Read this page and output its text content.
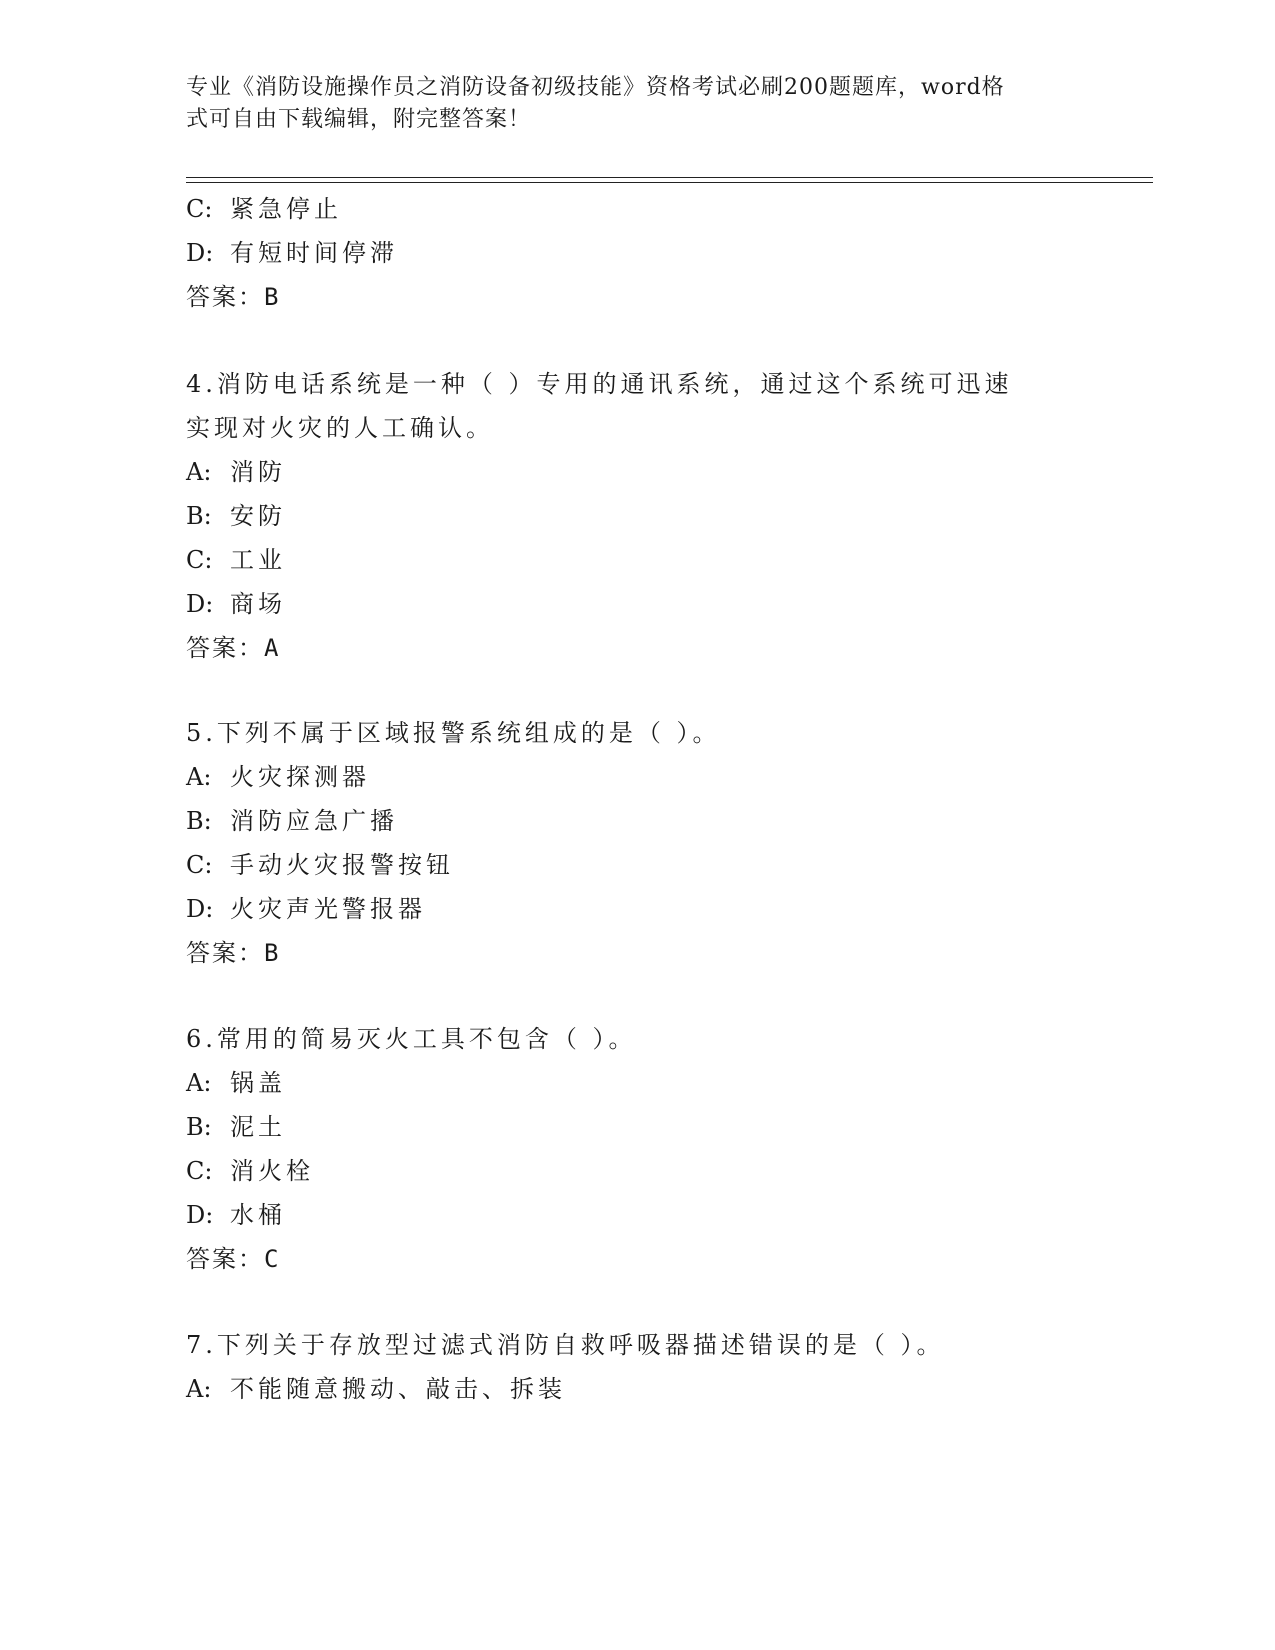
专业《消防设施操作员之消防设备初级技能》资格考试必刷200题题库，word格
式可自由下载编辑，附完整答案！
C: 紧急停止
D: 有短时间停滞
答案：B
4.消防电话系统是一种（ ）专用的通讯系统，通过这个系统可迅速
实现对火灾的人工确认。
A: 消防
B: 安防
C: 工业
D: 商场
答案：A
5.下列不属于区域报警系统组成的是（ ）。
A: 火灾探测器
B: 消防应急广播
C: 手动火灾报警按钮
D: 火灾声光警报器
答案：B
6.常用的简易灭火工具不包含（ ）。
A: 锅盖
B: 泥土
C: 消火栓
D: 水桶
答案：C
7.下列关于存放型过滤式消防自救呼吸器描述错误的是（ ）。
A: 不能随意搬动、敲击、拆装
